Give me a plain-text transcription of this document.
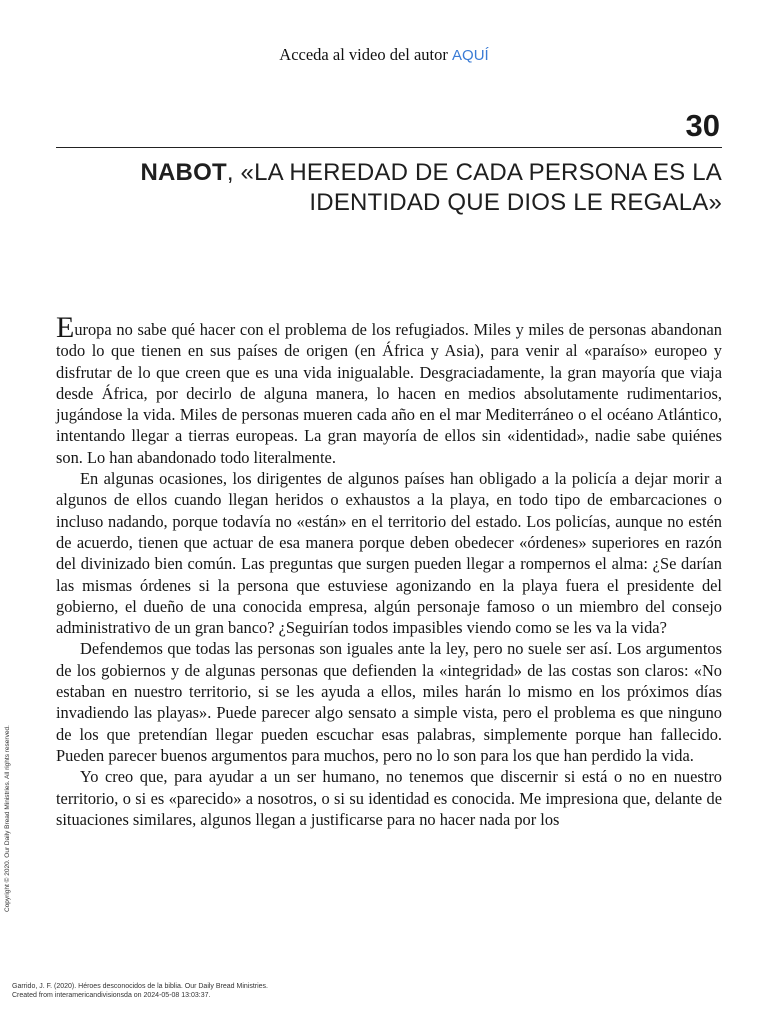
Acceda al video del autor AQUÍ
30
NABOT, «LA HEREDAD DE CADA PERSONA ES LA
IDENTIDAD QUE DIOS LE REGALA»

Europa no sabe qué hacer con el problema de los refugiados. Miles y miles de personas abandonan todo lo que tienen en sus países de origen (en África y Asia), para venir al «paraíso» europeo y disfrutar de lo que creen que es una vida inigualable. Desgraciadamente, la gran mayoría que viaja desde África, por decirlo de alguna manera, lo hacen en medios absolutamente rudimentarios, jugándose la vida. Miles de personas mueren cada año en el mar Mediterráneo o el océano Atlántico, intentando llegar a tierras europeas. La gran mayoría de ellos sin «identidad», nadie sabe quiénes son. Lo han abandonado todo literalmente.

En algunas ocasiones, los dirigentes de algunos países han obligado a la policía a dejar morir a algunos de ellos cuando llegan heridos o exhaustos a la playa, en todo tipo de embarcaciones o incluso nadando, porque todavía no «están» en el territorio del estado. Los policías, aunque no estén de acuerdo, tienen que actuar de esa manera porque deben obedecer «órdenes» superiores en razón del divinizado bien común. Las preguntas que surgen pueden llegar a rompernos el alma: ¿Se darían las mismas órdenes si la persona que estuviese agonizando en la playa fuera el presidente del gobierno, el dueño de una conocida empresa, algún personaje famoso o un miembro del consejo administrativo de un gran banco? ¿Seguirían todos impasibles viendo como se les va la vida?

Defendemos que todas las personas son iguales ante la ley, pero no suele ser así. Los argumentos de los gobiernos y de algunas personas que defienden la «integridad» de las costas son claros: «No estaban en nuestro territorio, si se les ayuda a ellos, miles harán lo mismo en los próximos días invadiendo las playas». Puede parecer algo sensato a simple vista, pero el problema es que ninguno de los que pretendían llegar pueden escuchar esas palabras, simplemente porque han fallecido. Pueden parecer buenos argumentos para muchos, pero no lo son para los que han perdido la vida.

Yo creo que, para ayudar a un ser humano, no tenemos que discernir si está o no en nuestro territorio, o si es «parecido» a nosotros, o si su identidad es conocida. Me impresiona que, delante de situaciones similares, algunos llegan a justificarse para no hacer nada por los

Copyright © 2020. Our Daily Bread Ministries. All rights reserved.
Garrido, J. F. (2020). Héroes desconocidos de la biblia. Our Daily Bread Ministries.
Created from interamericandivisionsda on 2024-05-08 13:03:37.
